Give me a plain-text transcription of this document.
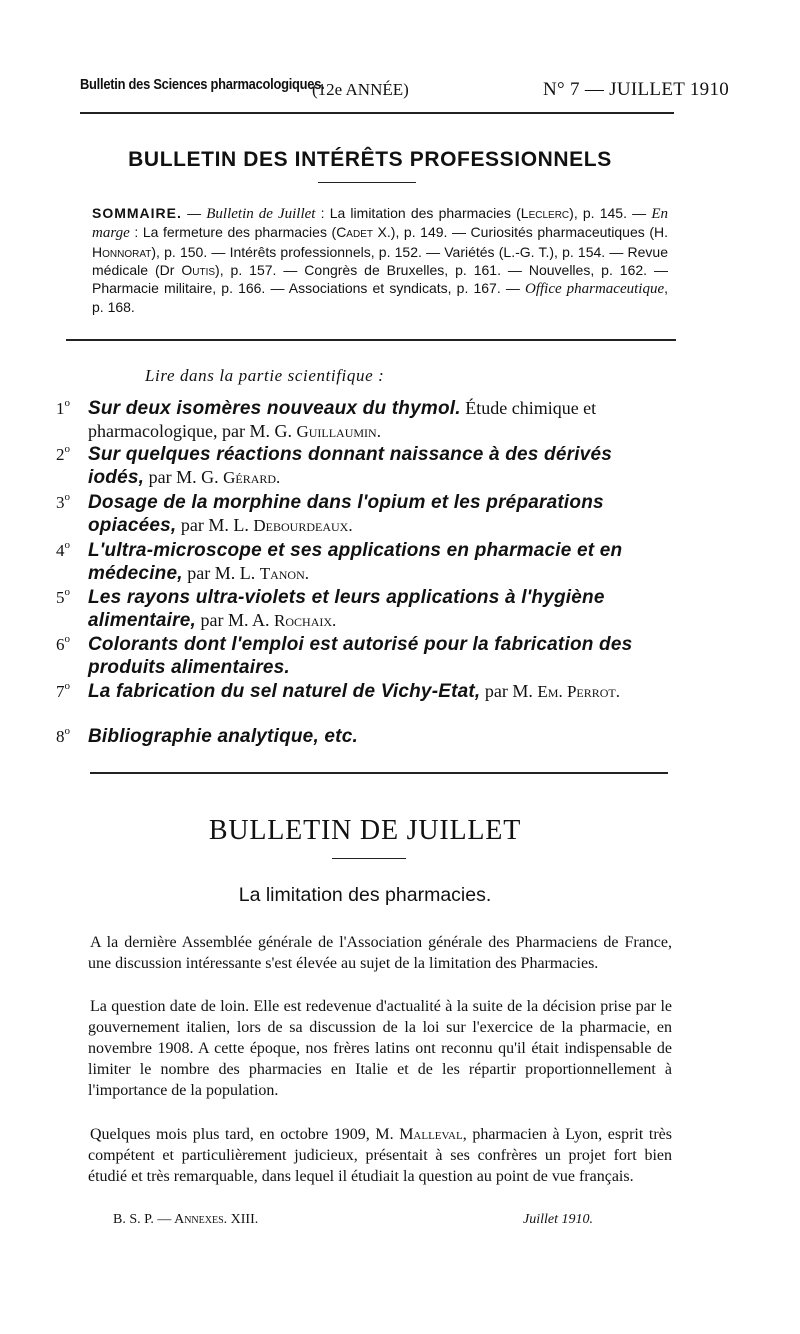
Bulletin des Sciences pharmacologiques.
(12e ANNÉE)	N° 7 — JUILLET 1910
BULLETIN DES INTÉRÊTS PROFESSIONNELS
SOMMAIRE. — Bulletin de Juillet : La limitation des pharmacies (Leclerc), p. 145. — En marge : La fermeture des pharmacies (Cadet X.), p. 149. — Curiosités pharmaceutiques (H. Honnorat), p. 150. — Intérêts professionnels, p. 152. — Variétés (L.-G. T.), p. 154. — Revue médicale (Dr Outis), p. 157. — Congrès de Bruxelles, p. 161. — Nouvelles, p. 162. — Pharmacie militaire, p. 166. — Associations et syndicats, p. 167. — Office pharmaceutique, p. 168.
Lire dans la partie scientifique :
1$^o$ Sur deux isomères nouveaux du thymol. Étude chimique et pharmacologique, par M. G. Guillaumin.
2$^o$ Sur quelques réactions donnant naissance à des dérivés iodés, par M. G. Gérard.
3$^o$ Dosage de la morphine dans l'opium et les préparations opiacées, par M. L. Debourdeaux.
4$^o$ L'ultra-microscope et ses applications en pharmacie et en médecine, par M. L. Tanon.
5$^o$ Les rayons ultra-violets et leurs applications à l'hygiène alimentaire, par M. A. Rochaix.
6$^o$ Colorants dont l'emploi est autorisé pour la fabrication des produits alimentaires.
7$^o$ La fabrication du sel naturel de Vichy-Etat, par M. Em. Perrot.
8$^o$ Bibliographie analytique, etc.
BULLETIN DE JUILLET
La limitation des pharmacies.

A la dernière Assemblée générale de l'Association générale des Pharmaciens de France, une discussion intéressante s'est élevée au sujet de la limitation des Pharmacies.

La question date de loin. Elle est redevenue d'actualité à la suite de la décision prise par le gouvernement italien, lors de sa discussion de la loi sur l'exercice de la pharmacie, en novembre 1908. A cette époque, nos frères latins ont reconnu qu'il était indispensable de limiter le nombre des pharmacies en Italie et de les répartir proportionnellement à l'importance de la population.

Quelques mois plus tard, en octobre 1909, M. Malleval, pharmacien à Lyon, esprit très compétent et particulièrement judicieux, présentait à ses confrères un projet fort bien étudié et très remarquable, dans lequel il étudiait la question au point de vue français.

B. S. P. — Annexes. XIII.	Juillet 1910.
